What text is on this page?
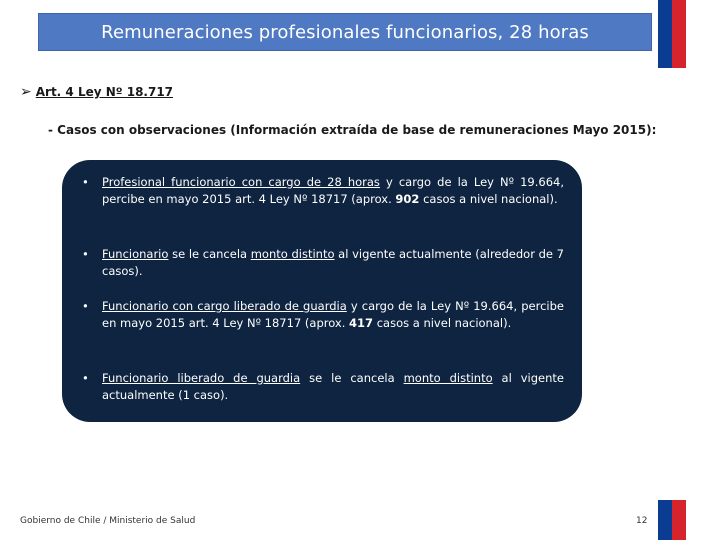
Remuneraciones profesionales funcionarios, 28 horas
➢ Art. 4 Ley Nº 18.717
- Casos con observaciones (Información extraída de base de remuneraciones Mayo 2015):
•	Profesional funcionario con cargo de 28 horas y cargo de la Ley Nº 19.664, percibe en mayo 2015 art. 4 Ley Nº 18717 (aprox. 902 casos a nivel nacional).
•	Funcionario se le cancela monto distinto al vigente actualmente (alrededor de 7 casos).
•	Funcionario con cargo liberado de guardia y cargo de la Ley Nº 19.664, percibe en mayo 2015 art. 4 Ley Nº 18717 (aprox. 417 casos a nivel nacional).
•	Funcionario liberado de guardia se le cancela monto distinto al vigente actualmente (1 caso).
Gobierno de Chile / Ministerio de Salud	12
